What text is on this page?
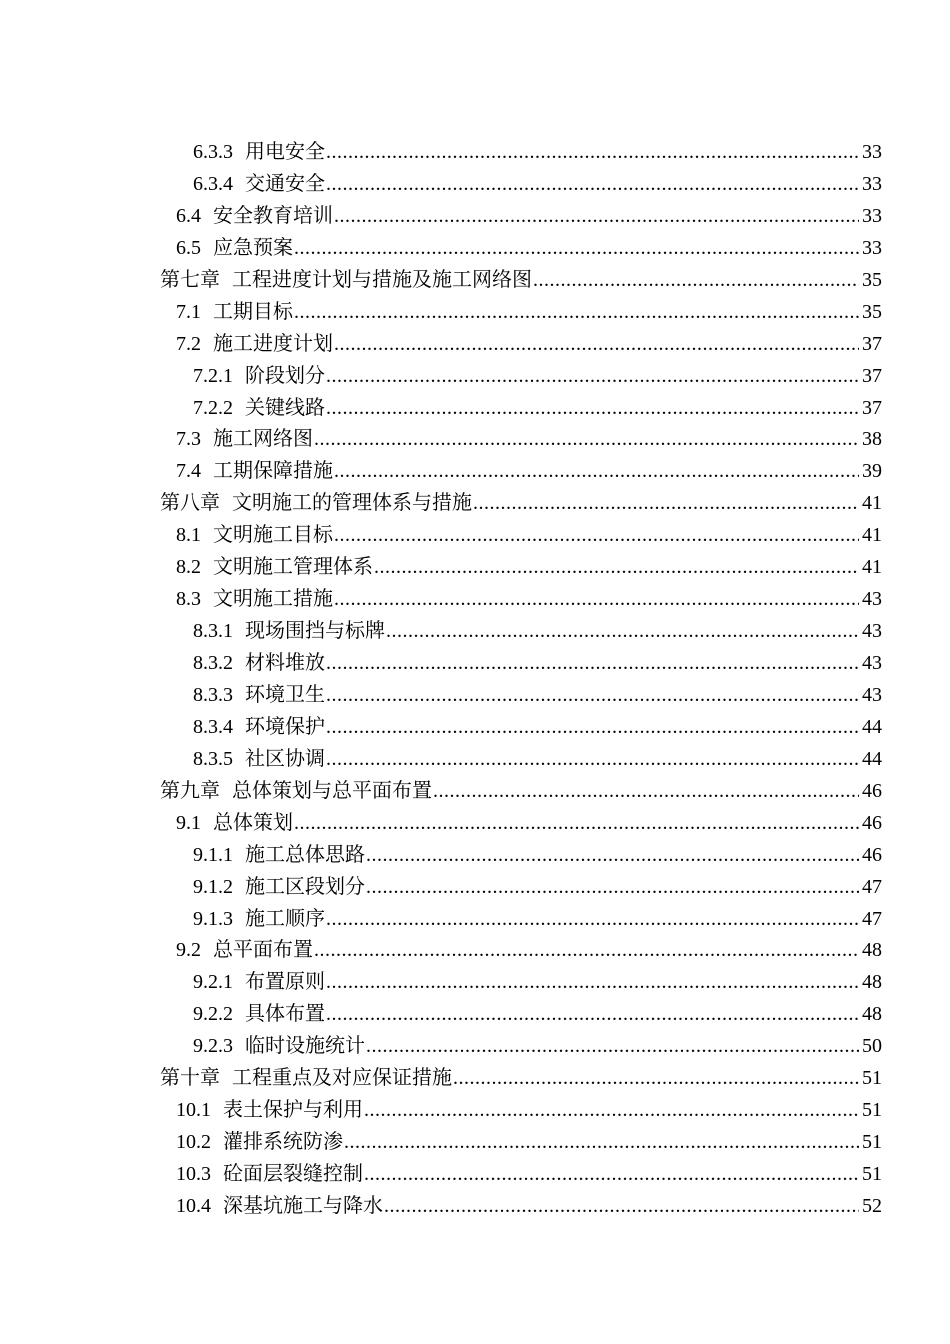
6.3.3 用电安全 .....	33
6.3.4 交通安全 .....	33
6.4 安全教育培训 .....	33
6.5 应急预案 .....	33
第七章 工程进度计划与措施及施工网络图 .....	35
7.1 工期目标 .....	35
7.2 施工进度计划 .....	37
7.2.1 阶段划分 .....	37
7.2.2 关键线路 .....	37
7.3 施工网络图 .....	38
7.4 工期保障措施 .....	39
第八章 文明施工的管理体系与措施 .....	41
8.1 文明施工目标 .....	41
8.2 文明施工管理体系 .....	41
8.3 文明施工措施 .....	43
8.3.1 现场围挡与标牌 .....	43
8.3.2 材料堆放 .....	43
8.3.3 环境卫生 .....	43
8.3.4 环境保护 .....	44
8.3.5 社区协调 .....	44
第九章 总体策划与总平面布置 .....	46
9.1 总体策划 .....	46
9.1.1 施工总体思路 .....	46
9.1.2 施工区段划分 .....	47
9.1.3 施工顺序 .....	47
9.2 总平面布置 .....	48
9.2.1 布置原则 .....	48
9.2.2 具体布置 .....	48
9.2.3 临时设施统计 .....	50
第十章 工程重点及对应保证措施 .....	51
10.1 表土保护与利用 .....	51
10.2 灌排系统防渗 .....	51
10.3 砼面层裂缝控制 .....	51
10.4 深基坑施工与降水 .....	52
